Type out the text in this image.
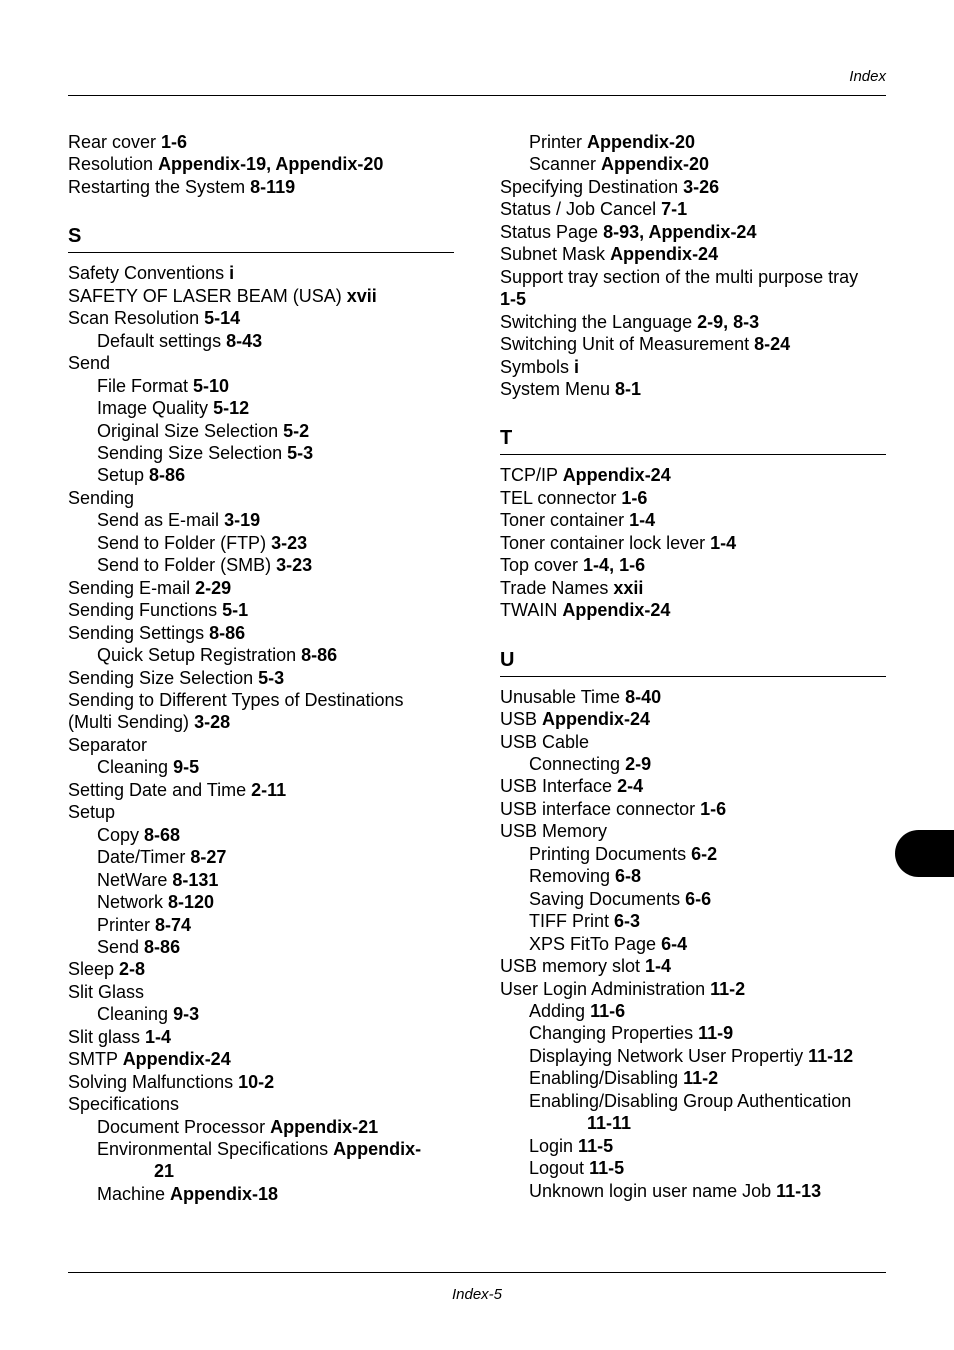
Index
Rear cover 1-6
Resolution Appendix-19, Appendix-20
Restarting the System 8-119
S
Safety Conventions i
SAFETY OF LASER BEAM (USA) xvii
Scan Resolution 5-14
Default settings 8-43
Send
File Format 5-10
Image Quality 5-12
Original Size Selection 5-2
Sending Size Selection 5-3
Setup 8-86
Sending
Send as E-mail 3-19
Send to Folder (FTP) 3-23
Send to Folder (SMB) 3-23
Sending E-mail 2-29
Sending Functions 5-1
Sending Settings 8-86
Quick Setup Registration 8-86
Sending Size Selection 5-3
Sending to Different Types of Destinations
(Multi Sending) 3-28
Separator
Cleaning 9-5
Setting Date and Time 2-11
Setup
Copy 8-68
Date/Timer 8-27
NetWare 8-131
Network 8-120
Printer 8-74
Send 8-86
Sleep 2-8
Slit Glass
Cleaning 9-3
Slit glass 1-4
SMTP Appendix-24
Solving Malfunctions 10-2
Specifications
Document Processor Appendix-21
Environmental Specifications Appendix-
21
Machine Appendix-18
Printer Appendix-20
Scanner Appendix-20
Specifying Destination 3-26
Status / Job Cancel 7-1
Status Page 8-93, Appendix-24
Subnet Mask Appendix-24
Support tray section of the multi purpose tray
1-5
Switching the Language 2-9, 8-3
Switching Unit of Measurement 8-24
Symbols i
System Menu 8-1
T
TCP/IP Appendix-24
TEL connector 1-6
Toner container 1-4
Toner container lock lever 1-4
Top cover 1-4, 1-6
Trade Names xxii
TWAIN Appendix-24
U
Unusable Time 8-40
USB Appendix-24
USB Cable
Connecting 2-9
USB Interface 2-4
USB interface connector 1-6
USB Memory
Printing Documents 6-2
Removing 6-8
Saving Documents 6-6
TIFF Print 6-3
XPS FitTo Page 6-4
USB memory slot 1-4
User Login Administration 11-2
Adding 11-6
Changing Properties 11-9
Displaying Network User Propertiy 11-12
Enabling/Disabling 11-2
Enabling/Disabling Group Authentication
11-11
Login 11-5
Logout 11-5
Unknown login user name Job 11-13
Index-5
